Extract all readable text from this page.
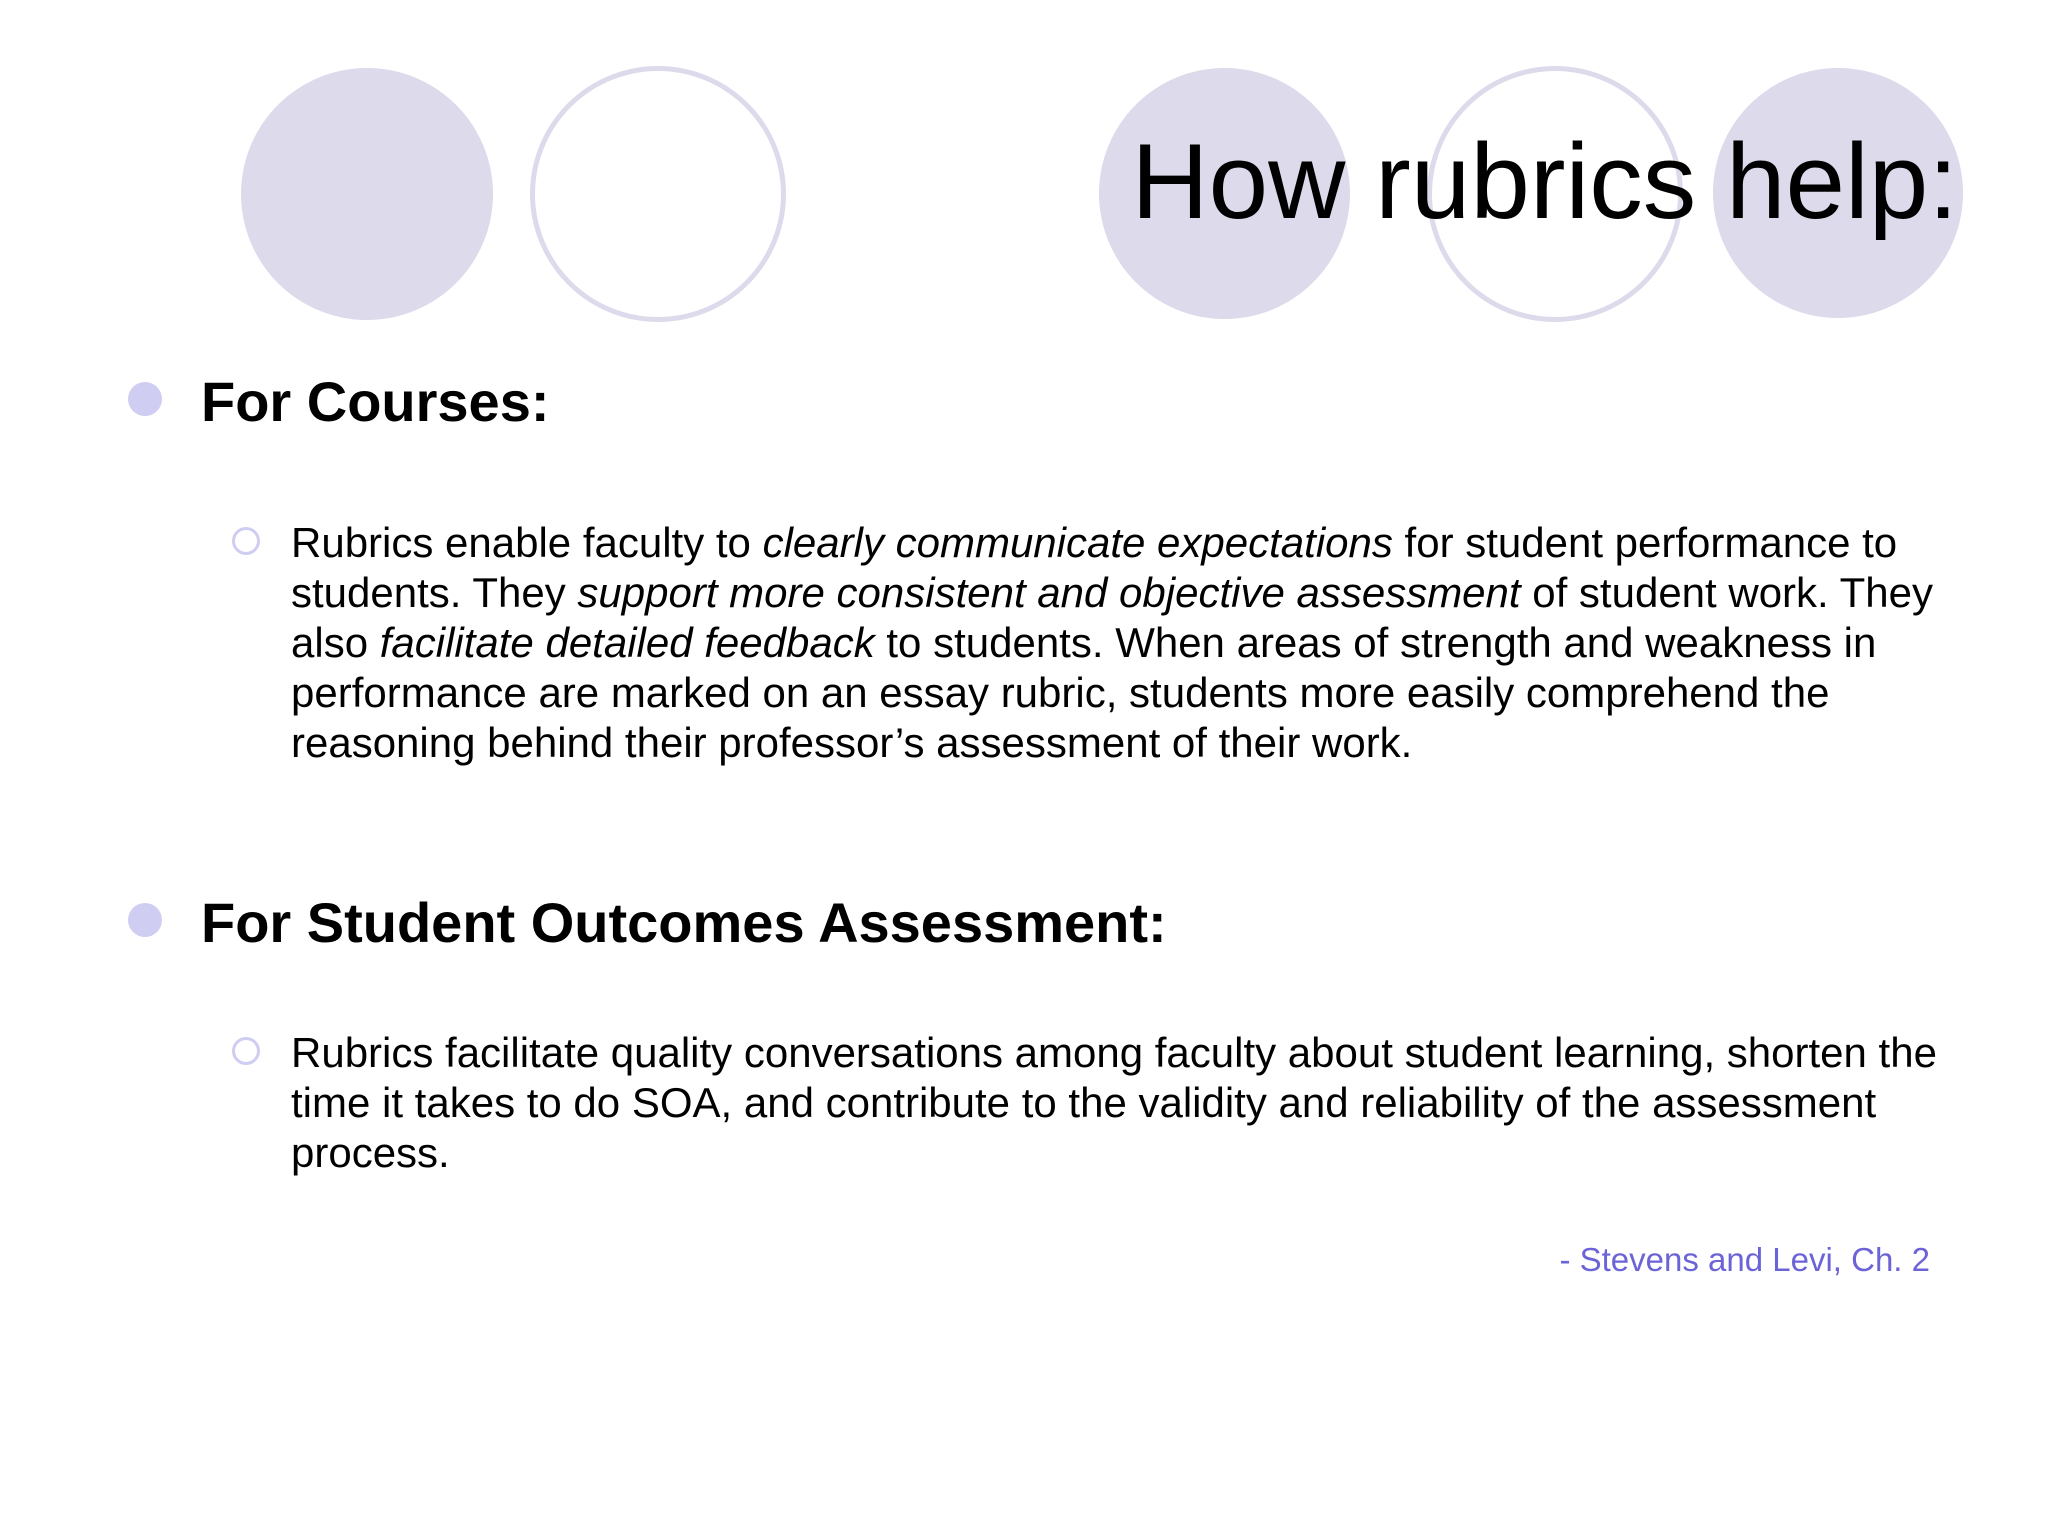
How rubrics help:
For Courses:

Rubrics enable faculty to clearly communicate expectations for student performance to students. They support more consistent and objective assessment of student work. They also facilitate detailed feedback to students. When areas of strength and weakness in performance are marked on an essay rubric, students more easily comprehend the reasoning behind their professor’s assessment of their work.

For Student Outcomes Assessment:

Rubrics facilitate quality conversations among faculty about student learning, shorten the time it takes to do SOA, and contribute to the validity and reliability of the assessment process.

- Stevens and Levi, Ch. 2
